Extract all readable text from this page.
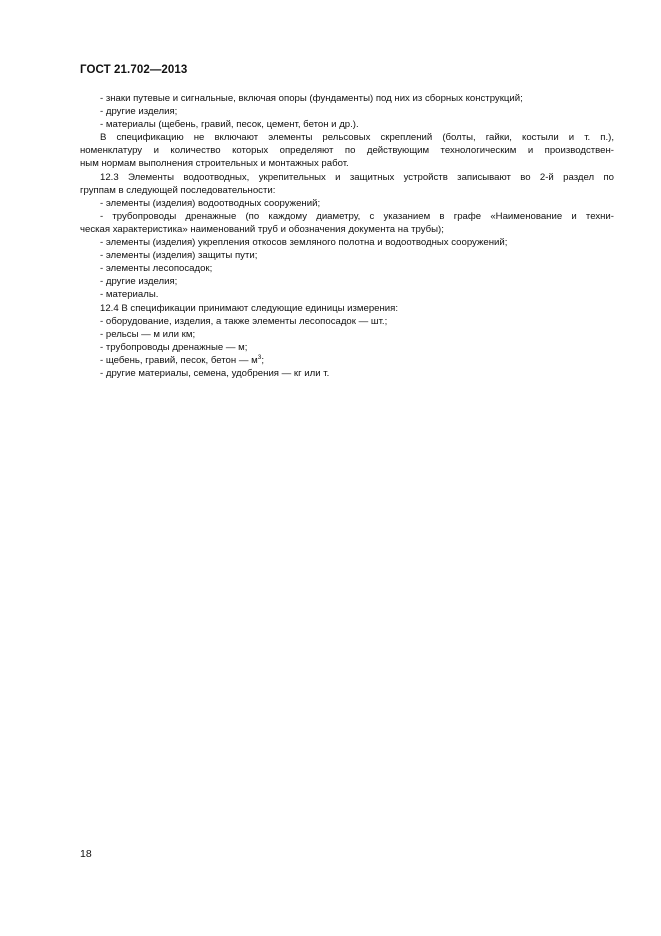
ГОСТ 21.702—2013

- знаки путевые и сигнальные, включая опоры (фундаменты) под них из сборных конструкций;

- другие изделия;

- материалы (щебень, гравий, песок, цемент, бетон и др.).

В спецификацию не включают элементы рельсовых скреплений (болты, гайки, костыли и т. п.),

номенклатуру и количество которых определяют по действующим технологическим и производствен-

ным нормам выполнения строительных и монтажных работ.

12.3 Элементы водоотводных, укрепительных и защитных устройств записывают во 2-й раздел по

группам в следующей последовательности:

- элементы (изделия) водоотводных сооружений;

- трубопроводы дренажные (по каждому диаметру, с указанием в графе «Наименование и техни-

ческая характеристика» наименований труб и обозначения документа на трубы);

- элементы (изделия) укрепления откосов земляного полотна и водоотводных сооружений;

- элементы (изделия) защиты пути;

- элементы лесопосадок;

- другие изделия;

- материалы.

12.4 В спецификации принимают следующие единицы измерения:

- оборудование, изделия, а также элементы лесопосадок — шт.;

- рельсы — м или км;

- трубопроводы дренажные — м;

- щебень, гравий, песок, бетон — $м^3$;

- другие материалы, семена, удобрения — кг или т.

18
